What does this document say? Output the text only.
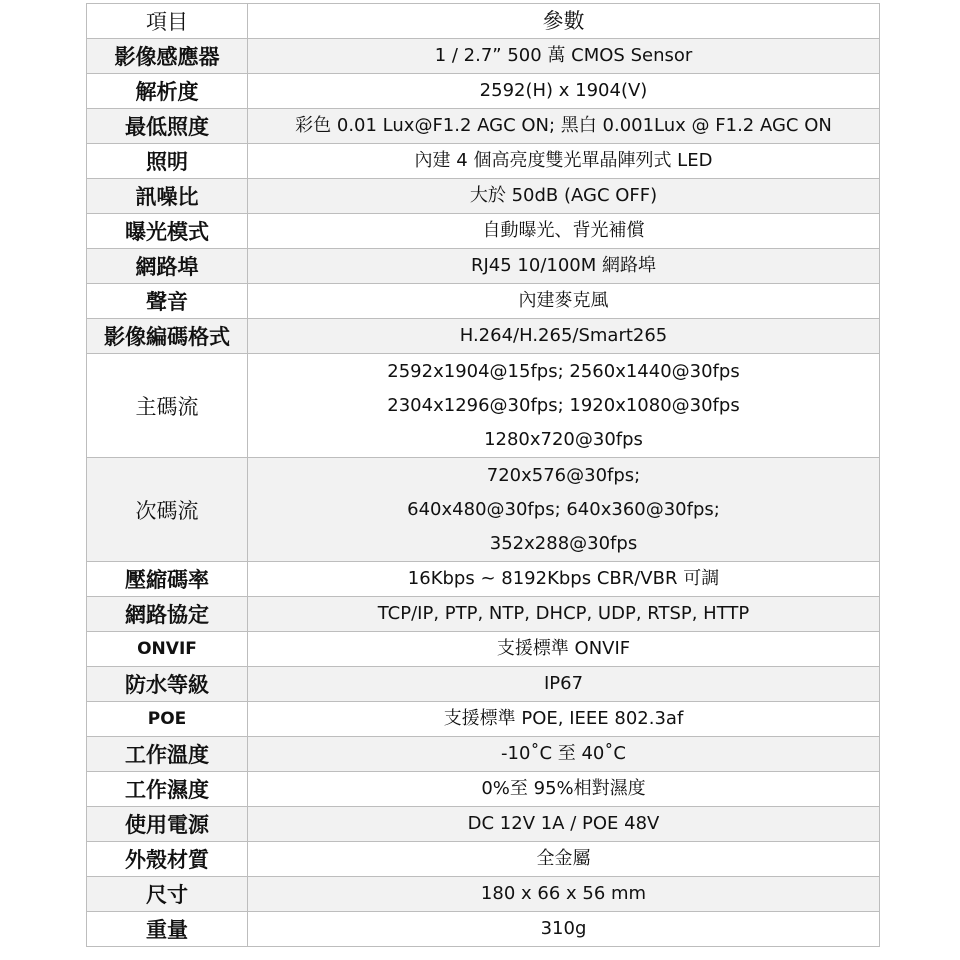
項目	參數
影像感應器	1 / 2.7” 500 萬 CMOS Sensor
解析度	2592(H) x 1904(V)
最低照度	彩色 0.01 Lux@F1.2 AGC ON; 黑白 0.001Lux @ F1.2 AGC ON
照明	內建 4 個高亮度雙光單晶陣列式 LED
訊噪比	大於 50dB (AGC OFF)
曝光模式	自動曝光、背光補償
網路埠	RJ45 10/100M 網路埠
聲音	內建麥克風
影像編碼格式	H.264/H.265/Smart265
主碼流	2592x1904@15fps; 2560x1440@30fps
2304x1296@30fps; 1920x1080@30fps
1280x720@30fps

次碼流	720x576@30fps;
640x480@30fps; 640x360@30fps;
352x288@30fps

壓縮碼率	16Kbps ~ 8192Kbps CBR/VBR 可調
網路協定	TCP/IP, PTP, NTP, DHCP, UDP, RTSP, HTTP
ONVIF	支援標準 ONVIF
防水等級	IP67
POE	支援標準 POE, IEEE 802.3af
工作溫度	-10˚C 至 40˚C
工作濕度	0%至 95%相對濕度
使用電源	DC 12V 1A / POE 48V
外殼材質	全金屬
尺寸	180 x 66 x 56 mm
重量	310g
